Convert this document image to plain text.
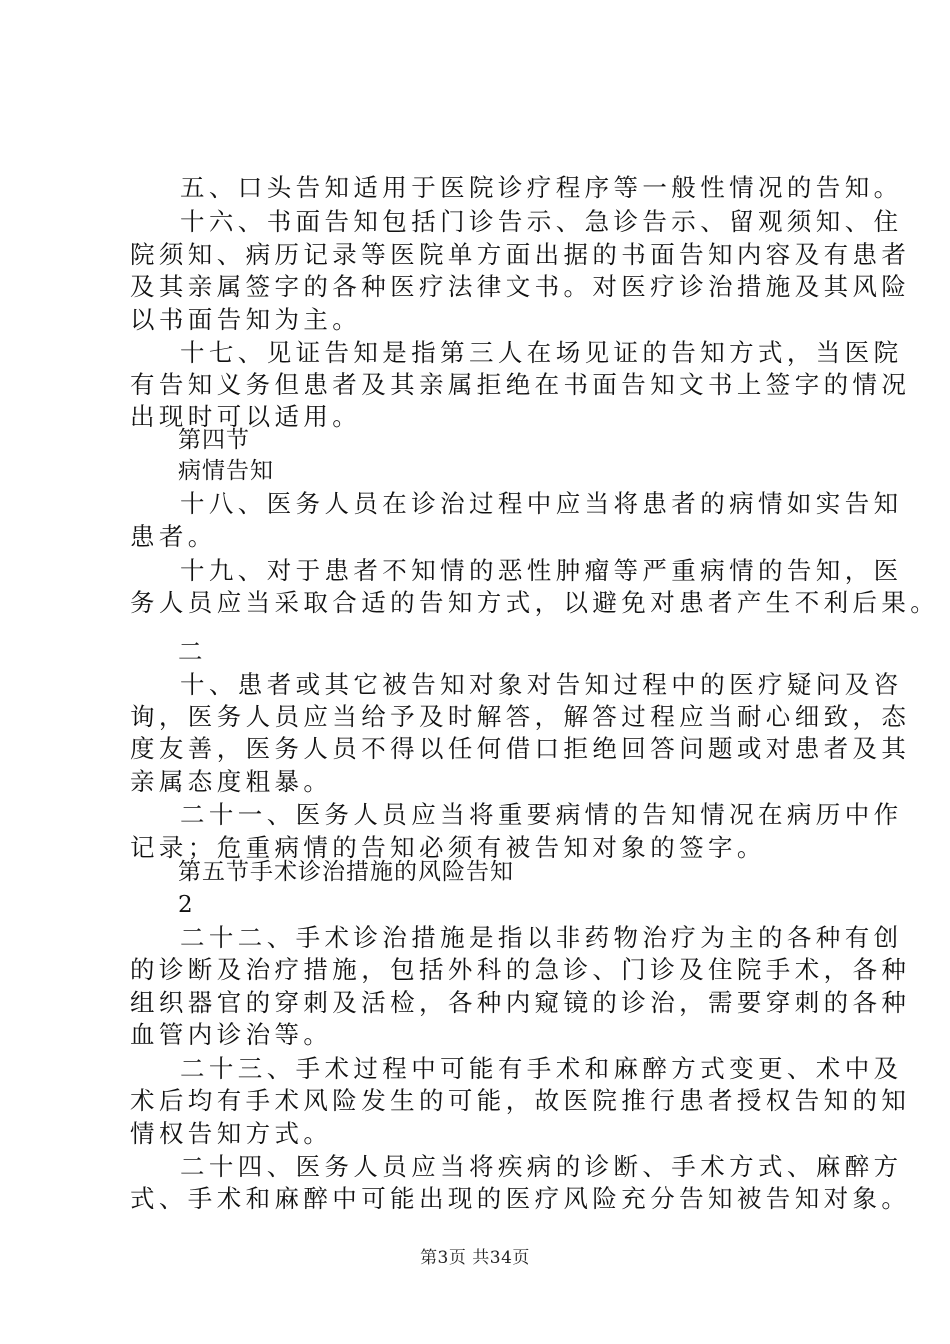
五、口头告知适用于医院诊疗程序等一般性情况的告知。
十六、书面告知包括门诊告示、急诊告示、留观须知、住
院须知、病历记录等医院单方面出据的书面告知内容及有患者
及其亲属签字的各种医疗法律文书。对医疗诊治措施及其风险
以书面告知为主。
十七、见证告知是指第三人在场见证的告知方式，当医院
有告知义务但患者及其亲属拒绝在书面告知文书上签字的情况
出现时可以适用。
第四节
病情告知
十八、医务人员在诊治过程中应当将患者的病情如实告知
患者。
十九、对于患者不知情的恶性肿瘤等严重病情的告知，医
务人员应当采取合适的告知方式，以避免对患者产生不利后果。
二
十、患者或其它被告知对象对告知过程中的医疗疑问及咨
询，医务人员应当给予及时解答，解答过程应当耐心细致，态
度友善，医务人员不得以任何借口拒绝回答问题或对患者及其
亲属态度粗暴。
二十一、医务人员应当将重要病情的告知情况在病历中作
记录；危重病情的告知必须有被告知对象的签字。
第五节手术诊治措施的风险告知
2
二十二、手术诊治措施是指以非药物治疗为主的各种有创
的诊断及治疗措施，包括外科的急诊、门诊及住院手术，各种
组织器官的穿刺及活检，各种内窥镜的诊治，需要穿刺的各种
血管内诊治等。
二十三、手术过程中可能有手术和麻醉方式变更、术中及
术后均有手术风险发生的可能，故医院推行患者授权告知的知
情权告知方式。
二十四、医务人员应当将疾病的诊断、手术方式、麻醉方
式、手术和麻醉中可能出现的医疗风险充分告知被告知对象。
第3页 共34页
